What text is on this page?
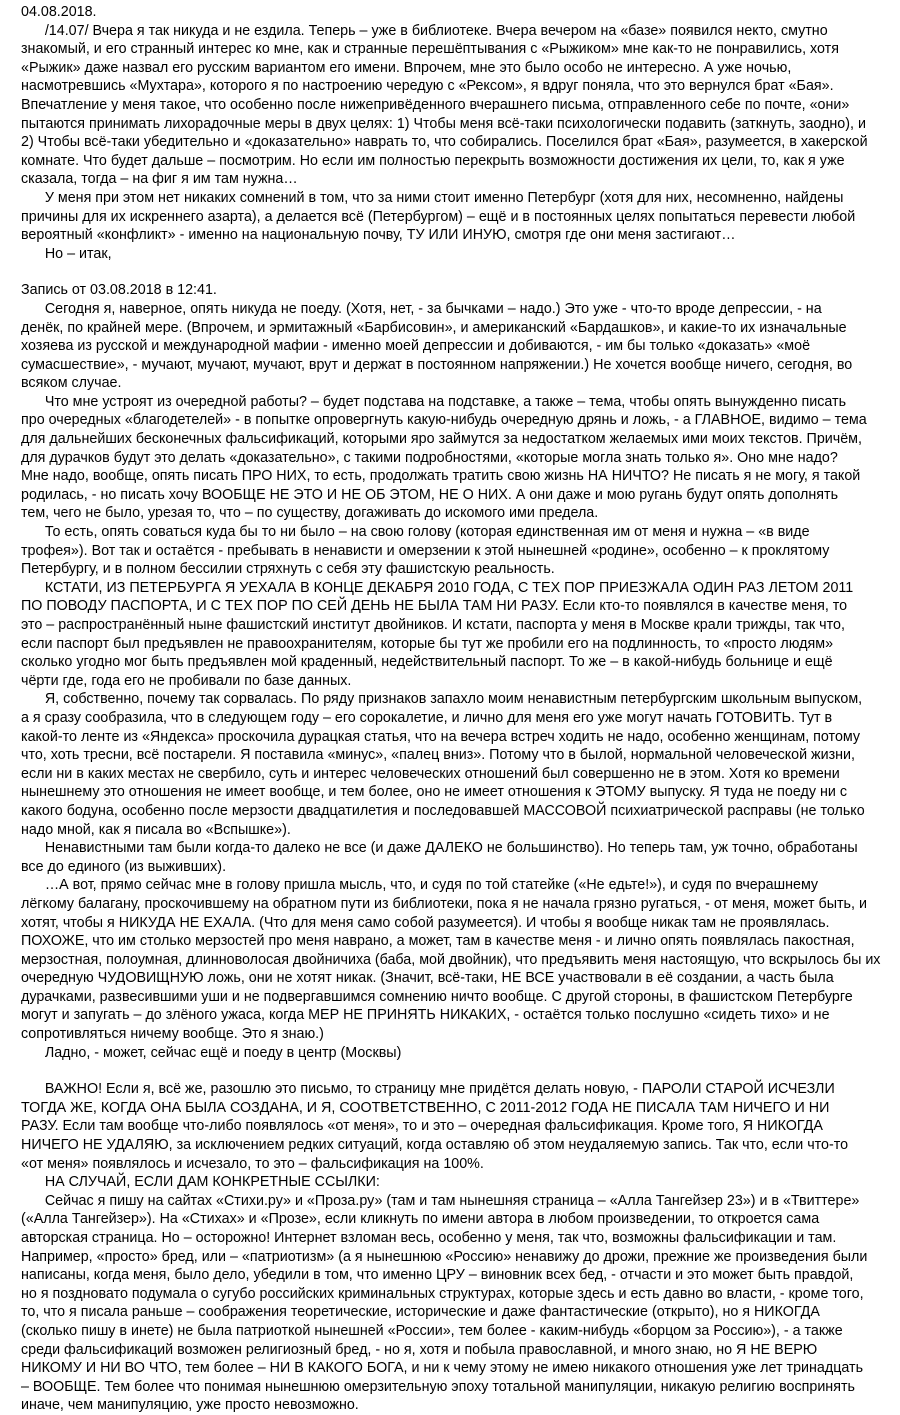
04.08.2018.

/14.07/ Вчера я так никуда и не ездила. Теперь – уже в библиотеке. Вчера вечером на «базе» появился некто, смутно

знакомый, и его странный интерес ко мне, как и странные перешёптывания с «Рыжиком» мне как-то не понравились, хотя

«Рыжик» даже назвал его русским вариантом его имени. Впрочем, мне это было особо не интересно. А уже ночью,

насмотревшись «Мухтара», которого я по настроению чередую с «Рексом», я вдруг поняла, что это вернулся брат «Бая».

Впечатление у меня такое, что особенно после нижепривёденного вчерашнего письма, отправленного себе по почте, «они»

пытаются принимать лихорадочные меры в двух целях: 1) Чтобы меня всё-таки психологически подавить (заткнуть, заодно), и

2) Чтобы всё-таки убедительно и «доказательно» наврать то, что собирались. Поселился брат «Бая», разумеется, в хакерской

комнате. Что будет дальше – посмотрим. Но если им полностью перекрыть возможности достижения их цели, то, как я уже

сказала, тогда – на фиг я им там нужна…

У меня при этом нет никаких сомнений в том, что за ними стоит именно Петербург (хотя для них, несомненно, найдены

причины для их искреннего азарта), а делается всё (Петербургом) – ещё и в постоянных целях попытаться перевести любой

вероятный «конфликт» - именно на национальную почву, ТУ ИЛИ ИНУЮ, смотря где они меня застигают…

Но – итак,

Запись от 03.08.2018 в 12:41.

Сегодня я, наверное, опять никуда не поеду. (Хотя, нет, - за бычками – надо.) Это уже - что-то вроде депрессии, - на

денёк, по крайней мере. (Впрочем, и эрмитажный «Барбисовин», и американский «Бардашков», и какие-то их изначальные

хозяева из русской и международной мафии - именно моей депрессии и добиваются, - им бы только «доказать» «моё

сумасшествие», - мучают, мучают, мучают, врут и держат в постоянном напряжении.) Не хочется вообще ничего, сегодня, во

всяком случае.

Что мне устроят из очередной работы? – будет подстава на подставке, а также – тема, чтобы опять вынужденно писать

про очередных «благодетелей» - в попытке опровергнуть какую-нибудь очередную дрянь и ложь, - а ГЛАВНОЕ, видимо – тема

для дальнейших бесконечных фальсификаций, которыми яро займутся за недостатком желаемых ими моих текстов. Причём,

для дурачков будут это делать «доказательно», с такими подробностями, «которые могла знать только я». Оно мне надо?

Мне надо, вообще, опять писать ПРО НИХ, то есть, продолжать тратить свою жизнь НА НИЧТО? Не писать я не могу, я такой

родилась, - но писать хочу ВООБЩЕ НЕ ЭТО И НЕ ОБ ЭТОМ, НЕ О НИХ. А они даже и мою ругань будут опять дополнять

тем, чего не было, урезая то, что – по существу, догаживать до искомого ими предела.

То есть, опять соваться куда бы то ни было – на свою голову (которая единственная им от меня и нужна – «в виде

трофея»). Вот так и остаётся - пребывать в ненависти и омерзении к этой нынешней «родине», особенно – к проклятому

Петербургу, и в полном бессилии стряхнуть с себя эту фашистскую реальность.

КСТАТИ, ИЗ ПЕТЕРБУРГА Я УЕХАЛА В КОНЦЕ ДЕКАБРЯ 2010 ГОДА, С ТЕХ ПОР ПРИЕЗЖАЛА ОДИН РАЗ ЛЕТОМ 2011

ПО ПОВОДУ ПАСПОРТА, И С ТЕХ ПОР ПО СЕЙ ДЕНЬ НЕ БЫЛА ТАМ НИ РАЗУ. Если кто-то появлялся в качестве меня, то

это – распространённый ныне фашистский институт двойников. И кстати, паспорта у меня в Москве крали трижды, так что,

если паспорт был предъявлен не правоохранителям, которые бы тут же пробили его на подлинность, то «просто людям»

сколько угодно мог быть предъявлен мой краденный, недействительный паспорт. То же – в какой-нибудь больнице и ещё

чёрти где, года его не пробивали по базе данных.

Я, собственно, почему так сорвалась. По ряду признаков запахло моим ненавистным петербургским школьным выпуском,

а я сразу сообразила, что в следующем году – его сорокалетие, и лично для меня его уже могут начать ГОТОВИТЬ. Тут в

какой-то ленте из «Яндекса» проскочила дурацкая статья, что на вечера встреч ходить не надо, особенно женщинам, потому

что, хоть тресни, всё постарели. Я поставила «минус», «палец вниз». Потому что в былой, нормальной человеческой жизни,

если ни в каких местах не свербило, суть и интерес человеческих отношений был совершенно не в этом. Хотя ко времени

нынешнему это отношения не имеет вообще, и тем более, оно не имеет отношения к ЭТОМУ выпуску. Я туда не поеду ни с

какого бодуна, особенно после мерзости двадцатилетия и последовавшей МАССОВОЙ психиатрической расправы (не только

надо мной, как я писала во «Вспышке»).

Ненавистными там были когда-то далеко не все (и даже ДАЛЕКО не большинство). Но теперь там, уж точно, обработаны

все до единого (из выживших).

…А вот, прямо сейчас мне в голову пришла мысль, что, и судя по той статейке («Не едьте!»), и судя по вчерашнему

лёгкому балагану, проскочившему на обратном пути из библиотеки, пока я не начала грязно ругаться, - от меня, может быть, и

хотят, чтобы я НИКУДА НЕ ЕХАЛА. (Что для меня само собой разумеется). И чтобы я вообще никак там не проявлялась.

ПОХОЖЕ, что им столько мерзостей про меня наврано, а может, там в качестве меня - и лично опять появлялась пакостная,

мерзостная, полоумная, длинноволосая двойничиха (баба, мой двойник), что предъявить меня настоящую, что вскрылось бы их

очередную ЧУДОВИЩНУЮ ложь, они не хотят никак. (Значит, всё-таки, НЕ ВСЕ участвовали в её создании, а часть была

дурачками, развесившими уши и не подвергавшимся сомнению ничто вообще. С другой стороны, в фашистском Петербурге

могут и запугать – до злёного ужаса, когда МЕР НЕ ПРИНЯТЬ НИКАКИХ, - остаётся только послушно «сидеть тихо» и не

сопротивляться ничему вообще. Это я знаю.)

Ладно, - может, сейчас ещё и поеду в центр (Москвы)

ВАЖНО! Если я, всё же, разошлю это письмо, то страницу мне придётся делать новую, - ПАРОЛИ СТАРОЙ ИСЧЕЗЛИ

ТОГДА ЖЕ, КОГДА ОНА БЫЛА СОЗДАНА, И Я, СООТВЕТСТВЕННО, С 2011-2012 ГОДА НЕ ПИСАЛА ТАМ НИЧЕГО И НИ

РАЗУ. Если там вообще что-либо появлялось «от меня», то и это – очередная фальсификация. Кроме того, Я НИКОГДА

НИЧЕГО НЕ УДАЛЯЮ, за исключением редких ситуаций, когда оставляю об этом неудаляемую запись. Так что, если что-то

«от меня» появлялось и исчезало, то это – фальсификация на 100%.

НА СЛУЧАЙ, ЕСЛИ ДАМ КОНКРЕТНЫЕ ССЫЛКИ:

Сейчас я пишу на сайтах «Стихи.ру» и «Проза.ру» (там и там нынешняя страница – «Алла Тангейзер 23») и в «Твиттере»

(«Алла Тангейзер»). На «Стихах» и «Прозе», если кликнуть по имени автора в любом произведении, то откроется сама

авторская страница. Но – осторожно! Интернет взломан весь, особенно у меня, так что, возможны фальсификации и там.

Например, «просто» бред, или – «патриотизм» (а я нынешнюю «Россию» ненавижу до дрожи, прежние же произведения были

написаны, когда меня, было дело, убедили в том, что именно ЦРУ – виновник всех бед, - отчасти и это может быть правдой,

но я поздновато подумала о сугубо российских криминальных структурах, которые здесь и есть давно во власти, - кроме того,

то, что я писала раньше – соображения теоретические, исторические и даже фантастические (открыто), но я НИКОГДА

(сколько пишу в инете) не была патриоткой нынешней «России», тем более - каким-нибудь «борцом за Россию»), - а также

среди фальсификаций возможен религиозный бред, - но я, хотя и побыла православной, и много знаю, но Я НЕ ВЕРЮ

НИКОМУ И НИ ВО ЧТО, тем более – НИ В КАКОГО БОГА, и ни к чему этому не имею никакого отношения уже лет тринадцать

– ВООБЩЕ. Тем более что понимая нынешнюю омерзительную эпоху тотальной манипуляции, никакую религию воспринять

иначе, чем манипуляцию, уже просто невозможно.
